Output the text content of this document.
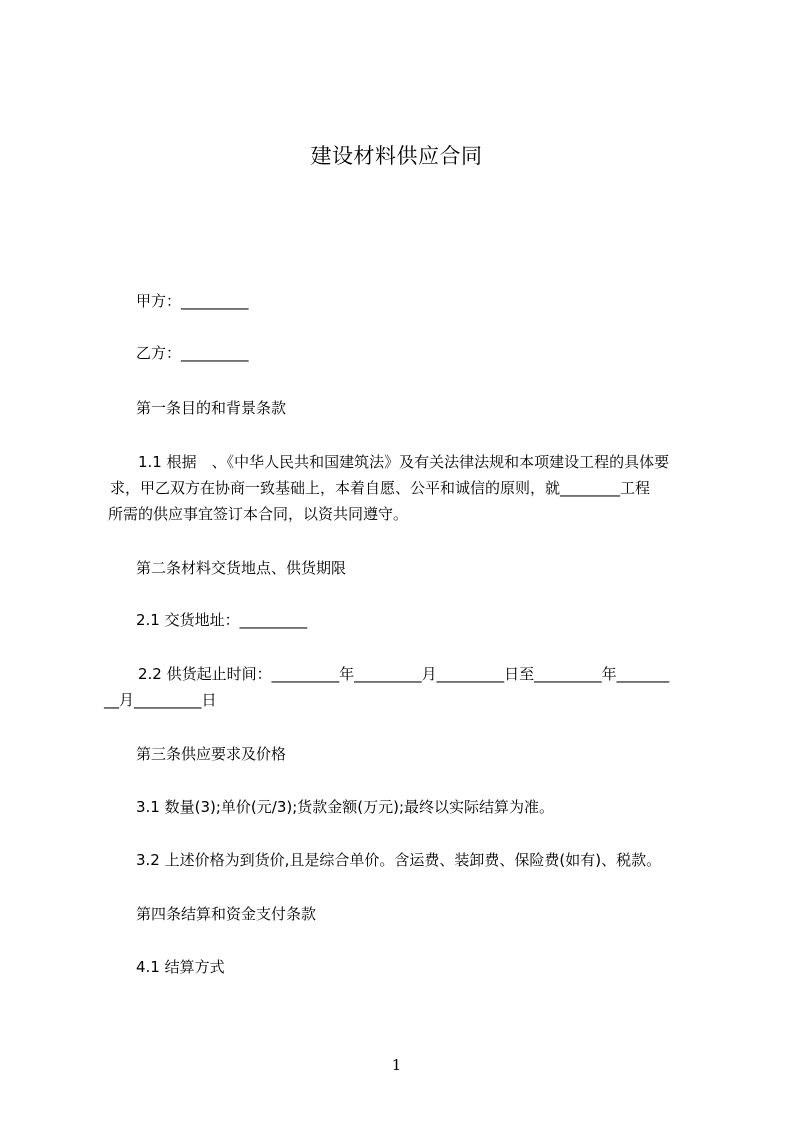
建设材料供应合同
甲方：_________
乙方：_________
第一条目的和背景条款
1.1 根据　、《中华人民共和国建筑法》及有关法律法规和本项建设工程的具体要
求，甲乙双方在协商一致基础上，本着自愿、公平和诚信的原则，就________工程
所需的供应事宜签订本合同，以资共同遵守。
第二条材料交货地点、供货期限
2.1 交货地址：_________
2.2 供货起止时间：_________年_________月_________日至_________年_______
__月_________日
第三条供应要求及价格
3.1 数量(3);单价(元/3);货款金额(万元);最终以实际结算为准。
3.2 上述价格为到货价,且是综合单价。含运费、装卸费、保险费(如有)、税款。
第四条结算和资金支付条款
4.1 结算方式
1
